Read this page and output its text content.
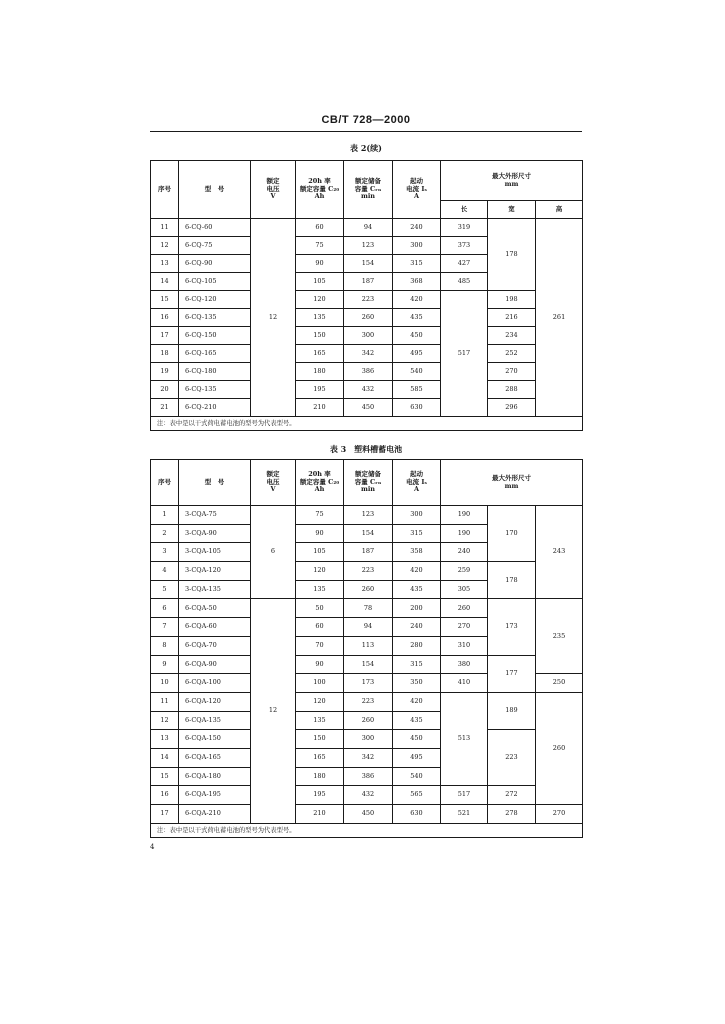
CB/T 728—2000
表 2(续)
序号	型　号	额定
电压
V	20h 率
额定容量 C₂₀
Ah	额定储备
容量 Cᵣₙ
min	起动
电流 Iₛ
A	最大外形尺寸
mm		
						长	宽	高
11	6-CQ-60	12	60	94	240	319	178	261
12	6-CQ-75		75	123	300	373		
13	6-CQ-90		90	154	315	427		
14	6-CQ-105		105	187	368	485		
15	6-CQ-120		120	223	420	517	198	
16	6-CQ-135		135	260	435		216	
17	6-CQ-150		150	300	450		234	
18	6-CQ-165		165	342	495		252	
19	6-CQ-180		180	386	540		270	
20	6-CQ-135		195	432	585		288	
21	6-CQ-210		210	450	630		296	
注：表中是以干式荷电蓄电池的型号为代表型号。								
表 3　塑料槽蓄电池
序号	型　号	额定
电压
V	20h 率
额定容量 C₂₀
Ah	额定储备
容量 Cᵣₙ
min	起动
电流 Iₛ
A	最大外形尺寸
mm		
1	3-CQA-75	6	75	123	300	190	170	243
2	3-CQA-90		90	154	315	190		
3	3-CQA-105		105	187	358	240		
4	3-CQA-120		120	223	420	259	178	
5	3-CQA-135		135	260	435	305		
6	6-CQA-50	12	50	78	200	260	173	235
7	6-CQA-60		60	94	240	270		
8	6-CQA-70		70	113	280	310		
9	6-CQA-90		90	154	315	380	177	
10	6-CQA-100		100	173	350	410		250
11	6-CQA-120		120	223	420	513	189	260
12	6-CQA-135		135	260	435			
13	6-CQA-150		150	300	450		223	
14	6-CQA-165		165	342	495			
15	6-CQA-180		180	386	540			
16	6-CQA-195		195	432	565	517	272	
17	6-CQA-210		210	450	630	521	278	270
注：表中是以干式荷电蓄电池的型号为代表型号。								
4
